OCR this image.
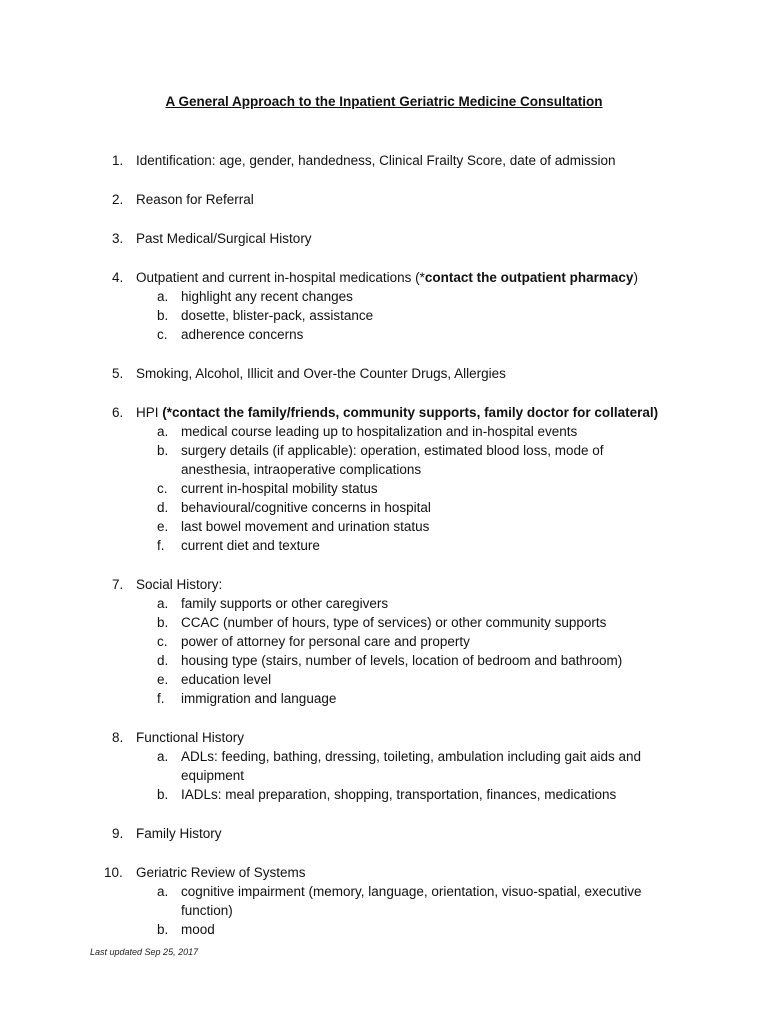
A General Approach to the Inpatient Geriatric Medicine Consultation
1. Identification: age, gender, handedness, Clinical Frailty Score, date of admission
2. Reason for Referral
3. Past Medical/Surgical History
4. Outpatient and current in-hospital medications (*contact the outpatient pharmacy)
a. highlight any recent changes
b. dosette, blister-pack, assistance
c. adherence concerns
5. Smoking, Alcohol, Illicit and Over-the Counter Drugs, Allergies
6. HPI (*contact the family/friends, community supports, family doctor for collateral)
a. medical course leading up to hospitalization and in-hospital events
b. surgery details (if applicable): operation, estimated blood loss, mode of anesthesia, intraoperative complications
c. current in-hospital mobility status
d. behavioural/cognitive concerns in hospital
e. last bowel movement and urination status
f. current diet and texture
7. Social History:
a. family supports or other caregivers
b. CCAC (number of hours, type of services) or other community supports
c. power of attorney for personal care and property
d. housing type (stairs, number of levels, location of bedroom and bathroom)
e. education level
f. immigration and language
8. Functional History
a. ADLs: feeding, bathing, dressing, toileting, ambulation including gait aids and equipment
b. IADLs: meal preparation, shopping, transportation, finances, medications
9. Family History
10. Geriatric Review of Systems
a. cognitive impairment (memory, language, orientation, visuo-spatial, executive function)
b. mood
Last updated Sep 25, 2017
